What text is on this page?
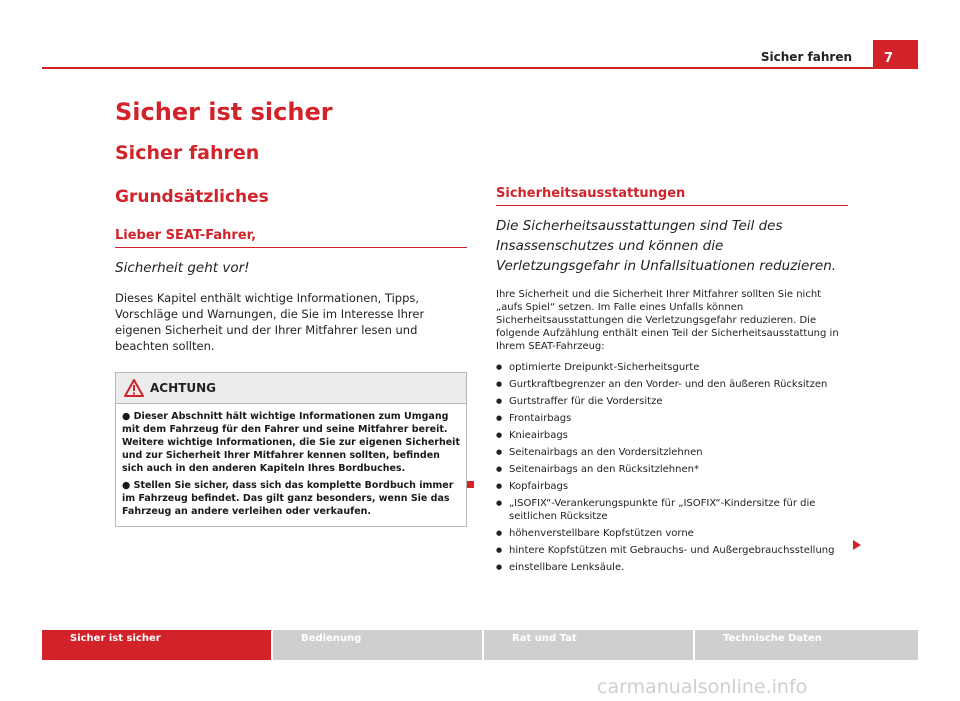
7
Sicher fahren
Sicher ist sicher
Sicher fahren
Grundsätzliches
Lieber SEAT-Fahrer,

Sicherheit geht vor!

Dieses Kapitel enthält wichtige Informationen, Tipps, Vorschläge und Warnungen, die Sie im Interesse Ihrer eigenen Sicherheit und der Ihrer Mitfahrer lesen und beachten sollten.

ACHTUNG

● Dieser Abschnitt hält wichtige Informationen zum Umgang mit dem Fahrzeug für den Fahrer und seine Mitfahrer bereit. Weitere wichtige Informationen, die Sie zur eigenen Sicherheit und zur Sicherheit Ihrer Mitfahrer kennen sollten, befinden sich auch in den anderen Kapiteln Ihres Bordbuches.

● Stellen Sie sicher, dass sich das komplette Bordbuch immer im Fahrzeug befindet. Das gilt ganz besonders, wenn Sie das Fahrzeug an andere verleihen oder verkaufen.

Sicherheitsausstattungen

Die Sicherheitsausstattungen sind Teil des Insassenschutzes und können die Verletzungsgefahr in Unfallsituationen reduzieren.

Ihre Sicherheit und die Sicherheit Ihrer Mitfahrer sollten Sie nicht „aufs Spiel“ setzen. Im Falle eines Unfalls können Sicherheitsausstattungen die Verletzungsgefahr reduzieren. Die folgende Aufzählung enthält einen Teil der Sicherheitsausstattung in Ihrem SEAT-Fahrzeug:

● optimierte Dreipunkt-Sicherheitsgurte
● Gurtkraftbegrenzer an den Vorder- und den äußeren Rücksitzen
● Gurtstraffer für die Vordersitze
● Frontairbags
● Knieairbags
● Seitenairbags an den Vordersitzlehnen
● Seitenairbags an den Rücksitzlehnen*
● Kopfairbags
● „ISOFIX“-Verankerungspunkte für „ISOFIX“-Kindersitze für die seitlichen Rücksitze
● höhenverstellbare Kopfstützen vorne
● hintere Kopfstützen mit Gebrauchs- und Außergebrauchsstellung
● einstellbare Lenksäule.
Sicher ist sicher	Bedienung	Rat und Tat	Technische Daten
carmanualsonline.info
